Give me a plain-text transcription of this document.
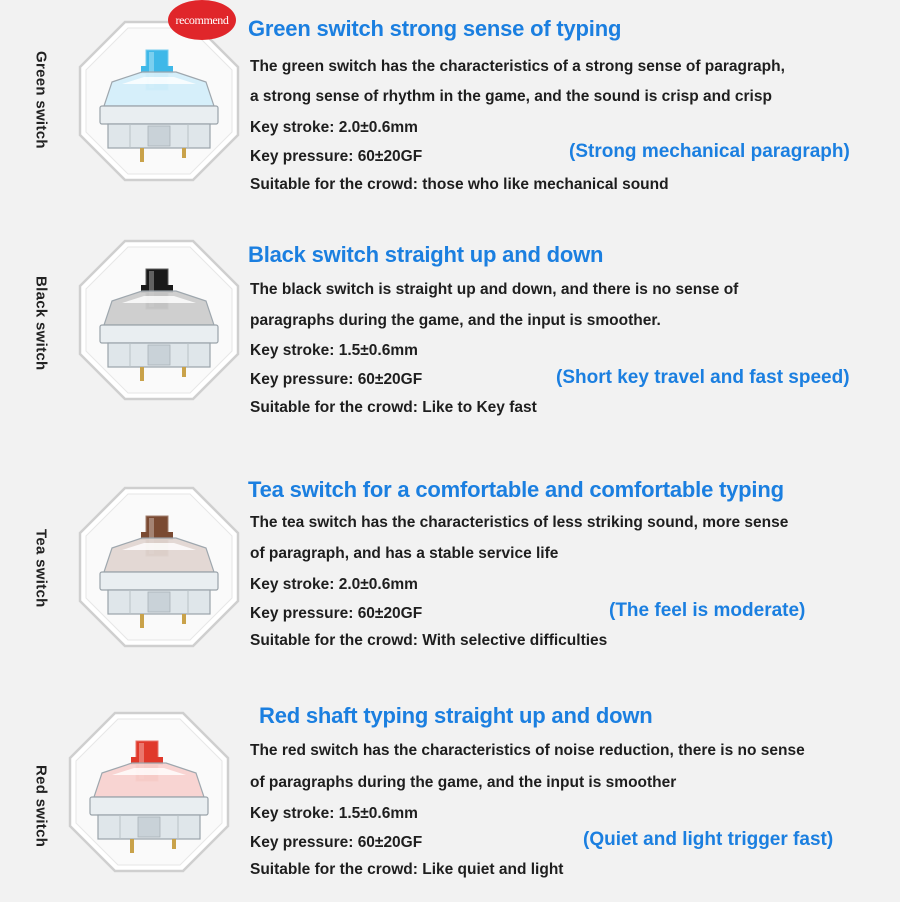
Green switch
Green switch strong sense of typing
The green switch has the characteristics of a strong sense of paragraph,
a strong sense of rhythm in the game, and the sound is crisp and crisp
Key stroke: 2.0±0.6mm
Key pressure: 60±20GF
Suitable for the crowd: those who like mechanical sound
(Strong mechanical paragraph)
recommend
Black switch
Black switch straight up and down
The black switch is straight up and down, and there is no sense of
paragraphs during the game, and the input is smoother.
Key stroke: 1.5±0.6mm
Key pressure: 60±20GF
Suitable for the crowd: Like to Key fast
(Short key travel and fast speed)
Tea switch
Tea switch for a comfortable and comfortable typing
The tea switch has the characteristics of less striking sound, more sense
of paragraph, and has a stable service life
Key stroke: 2.0±0.6mm
Key pressure: 60±20GF
Suitable for the crowd: With selective difficulties
(The feel is moderate)
Red switch
Red shaft typing straight up and down
The red switch has the characteristics of noise reduction, there is no sense
of paragraphs during the game, and the input is smoother
Key stroke: 1.5±0.6mm
Key pressure: 60±20GF
Suitable for the crowd: Like quiet and light
(Quiet and light trigger fast)
